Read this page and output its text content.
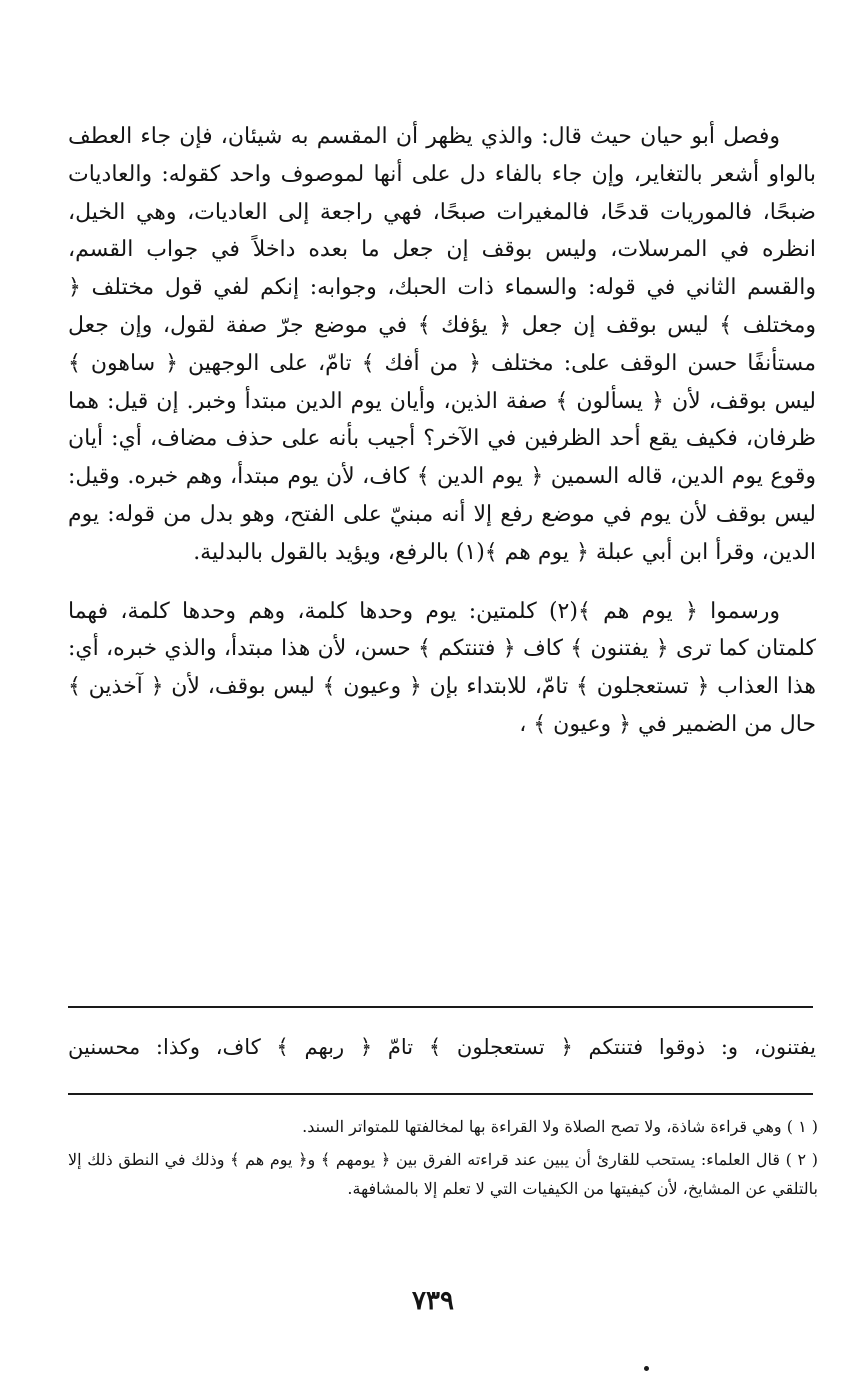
وفصل أبو حيان حيث قال: والذي يظهر أن المقسم به شيئان، فإن جاء العطف بالواو أشعر بالتغاير، وإن جاء بالفاء دل على أنها لموصوف واحد كقوله: والعاديات ضبحًا، فالموريات قدحًا، فالمغيرات صبحًا، فهي راجعة إلى العاديات، وهي الخيل، انظره في المرسلات، وليس بوقف إن جعل ما بعده داخلاً في جواب القسم، والقسم الثاني في قوله: والسماء ذات الحبك، وجوابه: إنكم لفي قول مختلف ﴿ ومختلف ﴾ ليس بوقف إن جعل ﴿ يؤفك ﴾ في موضع جرّ صفة لقول، وإن جعل مستأنفًا حسن الوقف على: مختلف ﴿ من أفك ﴾ تامّ، على الوجهين ﴿ ساهون ﴾ ليس بوقف، لأن ﴿ يسألون ﴾ صفة الذين، وأيان يوم الدين مبتدأ وخبر. إن قيل: هما ظرفان، فكيف يقع أحد الظرفين في الآخر؟ أجيب بأنه على حذف مضاف، أي: أيان وقوع يوم الدين، قاله السمين ﴿ يوم الدين ﴾ كاف، لأن يوم مبتدأ، وهم خبره. وقيل: ليس بوقف لأن يوم في موضع رفع إلا أنه مبنيّ على الفتح، وهو بدل من قوله: يوم الدين، وقرأ ابن أبي عبلة ﴿ يوم هم ﴾(١) بالرفع، ويؤيد بالقول بالبدلية.

ورسموا ﴿ يوم هم ﴾(٢) كلمتين: يوم وحدها كلمة، وهم وحدها كلمة، فهما كلمتان كما ترى ﴿ يفتنون ﴾ كاف ﴿ فتنتكم ﴾ حسن، لأن هذا مبتدأ، والذي خبره، أي: هذا العذاب ﴿ تستعجلون ﴾ تامّ، للابتداء بإن ﴿ وعيون ﴾ ليس بوقف، لأن ﴿ آخذين ﴾ حال من الضمير في ﴿ وعيون ﴾ ،

يفتنون، و: ذوقوا فتنتكم ﴿ تستعجلون ﴾ تامّ ﴿ ربهم ﴾ كاف، وكذا: محسنين

( ١ ) وهي قراءة شاذة، ولا تصح الصلاة ولا القراءة بها لمخالفتها للمتواتر السند.

( ٢ ) قال العلماء: يستحب للقارئ أن يبين عند قراءته الفرق بين ﴿ يومهم ﴾ و﴿ يوم هم ﴾ وذلك في النطق ذلك إلا بالتلقي عن المشايخ، لأن كيفيتها من الكيفيات التي لا تعلم إلا بالمشافهة.

٧٣٩
